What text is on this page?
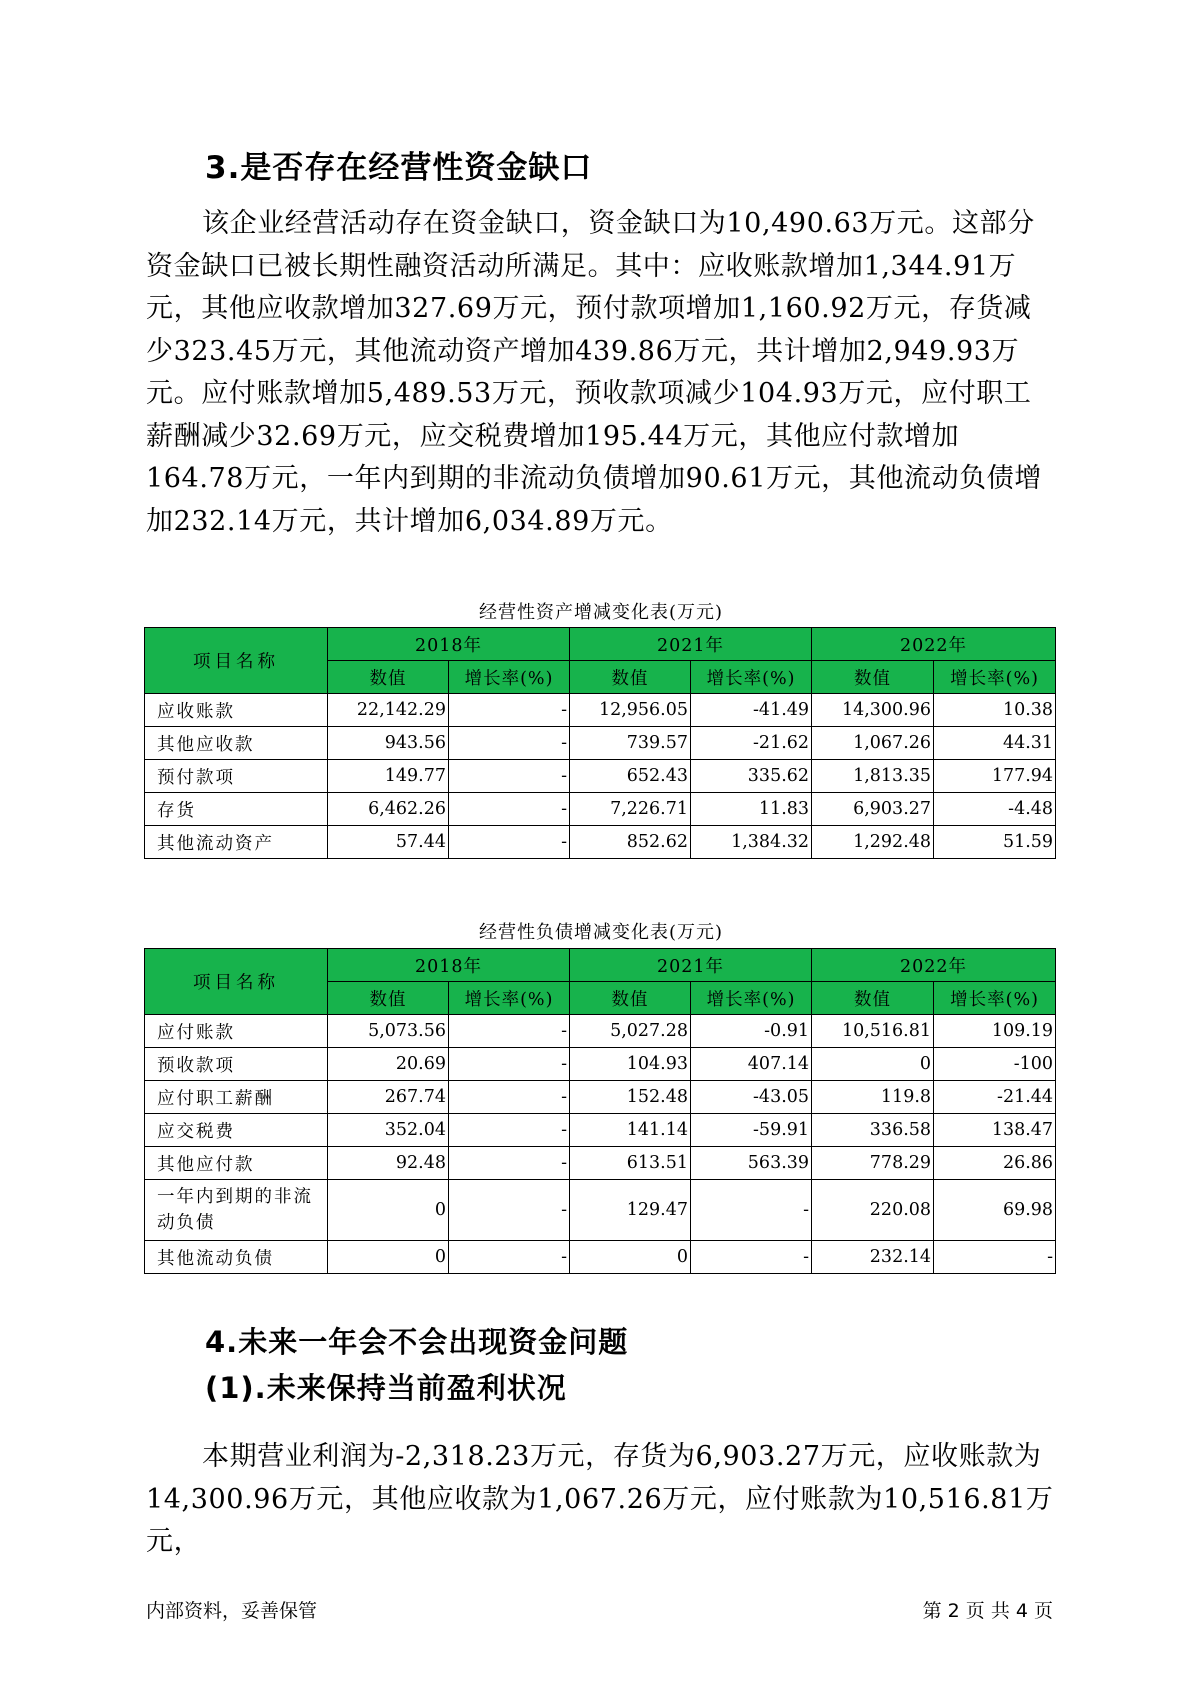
3.是否存在经营性资金缺口

该企业经营活动存在资金缺口，资金缺口为10,490.63万元。这部分资金缺口已被长期性融资活动所满足。其中：应收账款增加1,344.91万元，其他应收款增加327.69万元，预付款项增加1,160.92万元，存货减少323.45万元，其他流动资产增加439.86万元，共计增加2,949.93万元。应付账款增加5,489.53万元，预收款项减少104.93万元，应付职工薪酬减少32.69万元，应交税费增加195.44万元，其他应付款增加164.78万元，一年内到期的非流动负债增加90.61万元，其他流动负债增加232.14万元，共计增加6,034.89万元。

经营性资产增减变化表(万元)
项目名称	2018年		2021年		2022年	
	数值	增长率(%)	数值	增长率(%)	数值	增长率(%)
应收账款	22,142.29	-	12,956.05	-41.49	14,300.96	10.38
其他应收款	943.56	-	739.57	-21.62	1,067.26	44.31
预付款项	149.77	-	652.43	335.62	1,813.35	177.94
存货	6,462.26	-	7,226.71	11.83	6,903.27	-4.48
其他流动资产	57.44	-	852.62	1,384.32	1,292.48	51.59
经营性负债增减变化表(万元)
项目名称	2018年		2021年		2022年	
	数值	增长率(%)	数值	增长率(%)	数值	增长率(%)
应付账款	5,073.56	-	5,027.28	-0.91	10,516.81	109.19
预收款项	20.69	-	104.93	407.14	0	-100
应付职工薪酬	267.74	-	152.48	-43.05	119.8	-21.44
应交税费	352.04	-	141.14	-59.91	336.58	138.47
其他应付款	92.48	-	613.51	563.39	778.29	26.86
一年内到期的非流动负债	0	-	129.47	-	220.08	69.98
其他流动负债	0	-	0	-	232.14	-
4.未来一年会不会出现资金问题
(1).未来保持当前盈利状况

本期营业利润为-2,318.23万元，存货为6,903.27万元，应收账款为14,300.96万元，其他应收款为1,067.26万元，应付账款为10,516.81万元，

内部资料，妥善保管	第 2 页 共 4 页
